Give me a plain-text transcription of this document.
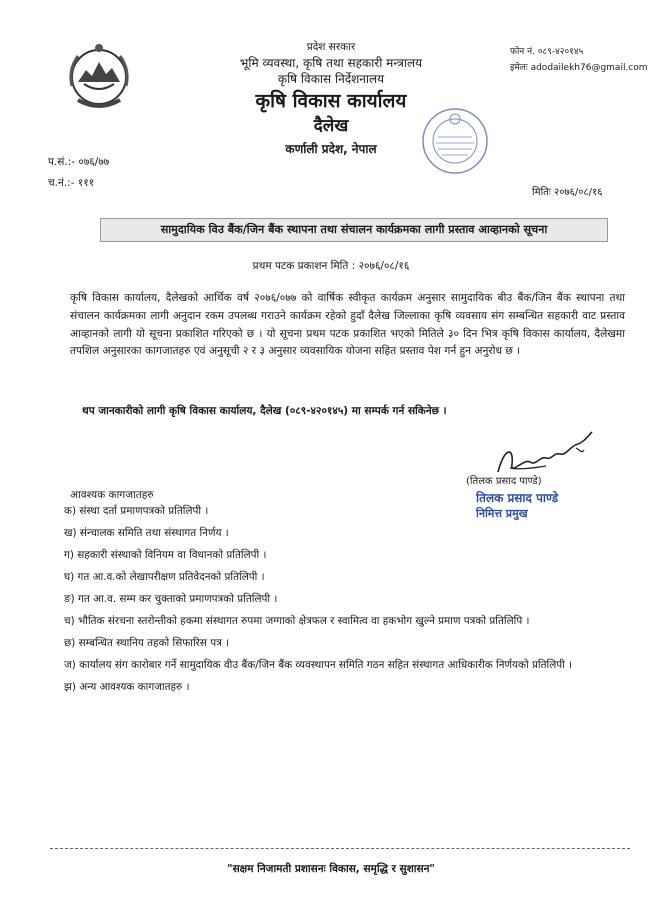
प्रदेश सरकार
भूमि व्यवस्था, कृषि तथा सहकारी मन्त्रालय
कृषि विकास निर्देशनालय
कृषि विकास कार्यालय
दैलेख
कर्णाली प्रदेश, नेपाल
फोन नं. ०८९-४२०१४५
इमेलः adodailekh76@gmail.com
प.सं.:- ०७६/७७
च.नं.:- १११
मितिः २०७६/०८/१६
सामुदायिक विउ बैंक/जिन बैंक स्थापना तथा संचालन कार्यक्रमका लागी प्रस्ताव आव्हानको सूचना
प्रथम पटक प्रकाशन मिति : २०७६/०८/१६
कृषि विकास कार्यालय, दैलेखको आर्थिक वर्ष २०७६/०७७ को वार्षिक स्वीकृत कार्यक्रम अनुसार सामुदायिक बीउ बैंक/जिन बैंक स्थापना तथा संचालन कार्यक्रमका लागी अनुदान रकम उपलब्ध गराउने कार्यक्रम रहेको हुदाँ दैलेख जिल्लाका कृषि व्यवसाय संग सम्बन्धित सहकारी वाट प्रस्ताव आव्हानको लागी यो सूचना प्रकाशित गरिएको छ । यो सूचना प्रथम पटक प्रकाशित भएको मितिले ३० दिन भित्र कृषि विकास कार्यालय, दैलेखमा तपशिल अनुसारका कागजातहरु एवं अनुसूची २ र ३ अनुसार व्यवसायिक योजना सहित प्रस्ताव पेश गर्न हुन अनुरोध छ ।
थप जानकारीको लागी कृषि विकास कार्यालय, दैलेख (०८९-४२०१४५) मा सम्पर्क गर्न सकिनेछ ।
(तिलक प्रसाद पाण्डे)
तिलक प्रसाद पाण्डे
निमित्त प्रमुख
आवश्यक कागजातहरु
क) संस्था दर्ता प्रमाणपत्रको प्रतिलिपी ।
ख) संन्चालक समिति तथा संस्थागत निर्णय ।
ग) सहकारी संस्थाको विनियम वा विधानको प्रतिलिपी ।
घ) गत आ.व.को लेखापरीक्षण प्रतिवेदनको प्रतिलिपी ।
ङ) गत आ.व. सम्म कर चुक्ताको प्रमाणपत्रको प्रतिलिपी ।
च) भौतिक संरचना स्तरोन्तीको हकमा संस्थागत रुपमा जग्गाको क्षेत्रफल र स्वामित्व वा हकभोग खुल्ने प्रमाण पत्रको प्रतिलिपि ।
छ) सम्बन्धित स्थानिय तहको सिफारिस पत्र ।
ज) कार्यालय संग कारोबार गर्ने सामुदायिक वीउ बैंक/जिन बैंक व्यवस्थापन समिति गठन सहित संस्थागत आधिकारीक निर्णयको प्रतिलिपी ।
झ) अन्य आवश्यक कागजातहरु ।
"सक्षम निजामती प्रशासनः विकास, समृद्धि र सुशासन"
